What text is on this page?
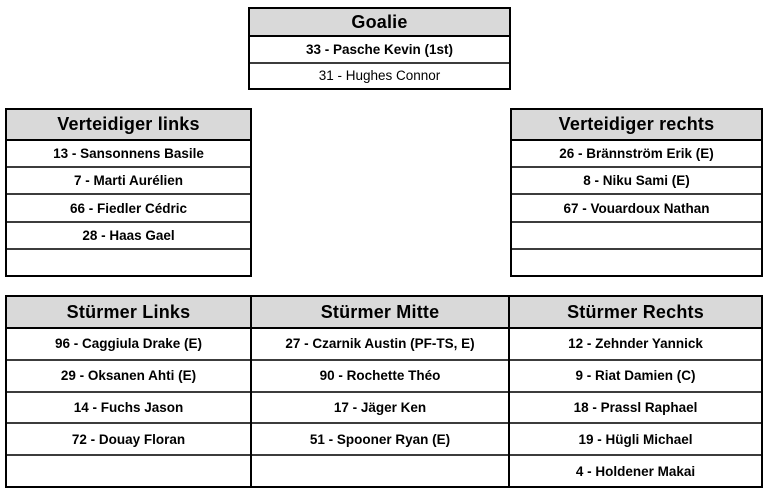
Goalie
33 - Pasche Kevin (1st)
31 - Hughes Connor
Verteidiger links
13 - Sansonnens Basile
7 - Marti Aurélien
66 - Fiedler Cédric
28 - Haas Gael
Verteidiger rechts
26 - Brännström Erik (E)
8 - Niku Sami (E)
67 - Vouardoux Nathan
Stürmer Links
96 - Caggiula Drake (E)
29 - Oksanen Ahti (E)
14 - Fuchs Jason
72 - Douay Floran
Stürmer Mitte
27 - Czarnik Austin (PF-TS, E)
90 - Rochette Théo
17 - Jäger Ken
51 - Spooner Ryan (E)
Stürmer Rechts
12 - Zehnder Yannick
9 - Riat Damien (C)
18 - Prassl Raphael
19 - Hügli Michael
4 - Holdener Makai
